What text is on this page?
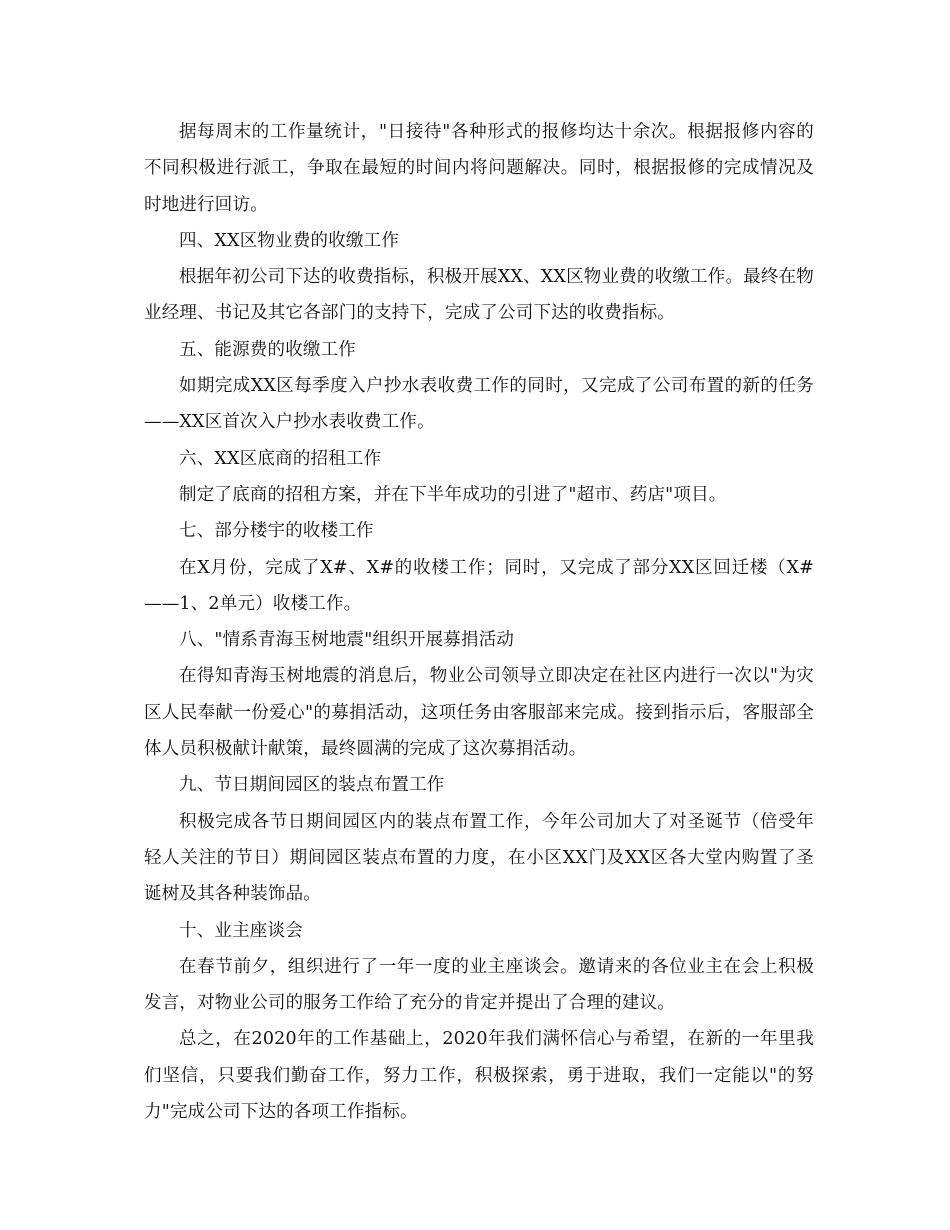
据每周末的工作量统计，"日接待"各种形式的报修均达十余次。根据报修内容的不同积极进行派工，争取在最短的时间内将问题解决。同时，根据报修的完成情况及时地进行回访。

四、XX区物业费的收缴工作

根据年初公司下达的收费指标，积极开展XX、XX区物业费的收缴工作。最终在物业经理、书记及其它各部门的支持下，完成了公司下达的收费指标。

五、能源费的收缴工作

如期完成XX区每季度入户抄水表收费工作的同时，又完成了公司布置的新的任务——XX区首次入户抄水表收费工作。

六、XX区底商的招租工作

制定了底商的招租方案，并在下半年成功的引进了"超市、药店"项目。

七、部分楼宇的收楼工作

在X月份，完成了X#、X#的收楼工作；同时，又完成了部分XX区回迁楼（X#——1、2单元）收楼工作。

八、"情系青海玉树地震"组织开展募捐活动

在得知青海玉树地震的消息后，物业公司领导立即决定在社区内进行一次以"为灾区人民奉献一份爱心"的募捐活动，这项任务由客服部来完成。接到指示后，客服部全体人员积极献计献策，最终圆满的完成了这次募捐活动。

九、节日期间园区的装点布置工作

积极完成各节日期间园区内的装点布置工作，今年公司加大了对圣诞节（倍受年轻人关注的节日）期间园区装点布置的力度，在小区XX门及XX区各大堂内购置了圣诞树及其各种装饰品。

十、业主座谈会

在春节前夕，组织进行了一年一度的业主座谈会。邀请来的各位业主在会上积极发言，对物业公司的服务工作给了充分的肯定并提出了合理的建议。

总之，在2020年的工作基础上，2020年我们满怀信心与希望，在新的一年里我们坚信，只要我们勤奋工作，努力工作，积极探索，勇于进取，我们一定能以"的努力"完成公司下达的各项工作指标。
